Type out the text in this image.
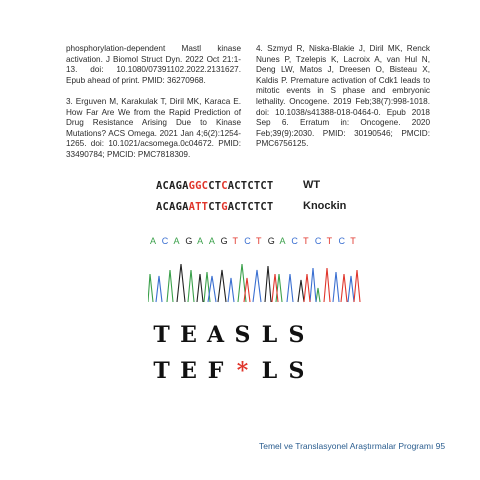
phosphorylation-dependent Mastl kinase activation. J Biomol Struct Dyn. 2022 Oct 21:1-13. doi: 10.1080/07391102.2022.2131627. Epub ahead of print. PMID: 36270968.
3. Erguven M, Karakulak T, Diril MK, Karaca E. How Far Are We from the Rapid Prediction of Drug Resistance Arising Due to Kinase Mutations? ACS Omega. 2021 Jan 4;6(2):1254-1265. doi: 10.1021/acsomega.0c04672. PMID: 33490784; PMCID: PMC7818309.
4. Szmyd R, Niska-Blakie J, Diril MK, Renck Nunes P, Tzelepis K, Lacroix A, van Hul N, Deng LW, Matos J, Dreesen O, Bisteau X, Kaldis P. Premature activation of Cdk1 leads to mitotic events in S phase and embryonic lethality. Oncogene. 2019 Feb;38(7):998-1018. doi: 10.1038/s41388-018-0464-0. Epub 2018 Sep 6. Erratum in: Oncogene. 2020 Feb;39(9):2030. PMID: 30190546; PMCID: PMC6756125.
ACAGAGGCCTCACTCTCT	WT
ACAGAATTCTGACTCTCT	Knockin
A C A G A A G T C T G A C T C T C T
T E A S L S
T E F * L S
Temel ve Translasyonel Araştırmalar Programı 95
